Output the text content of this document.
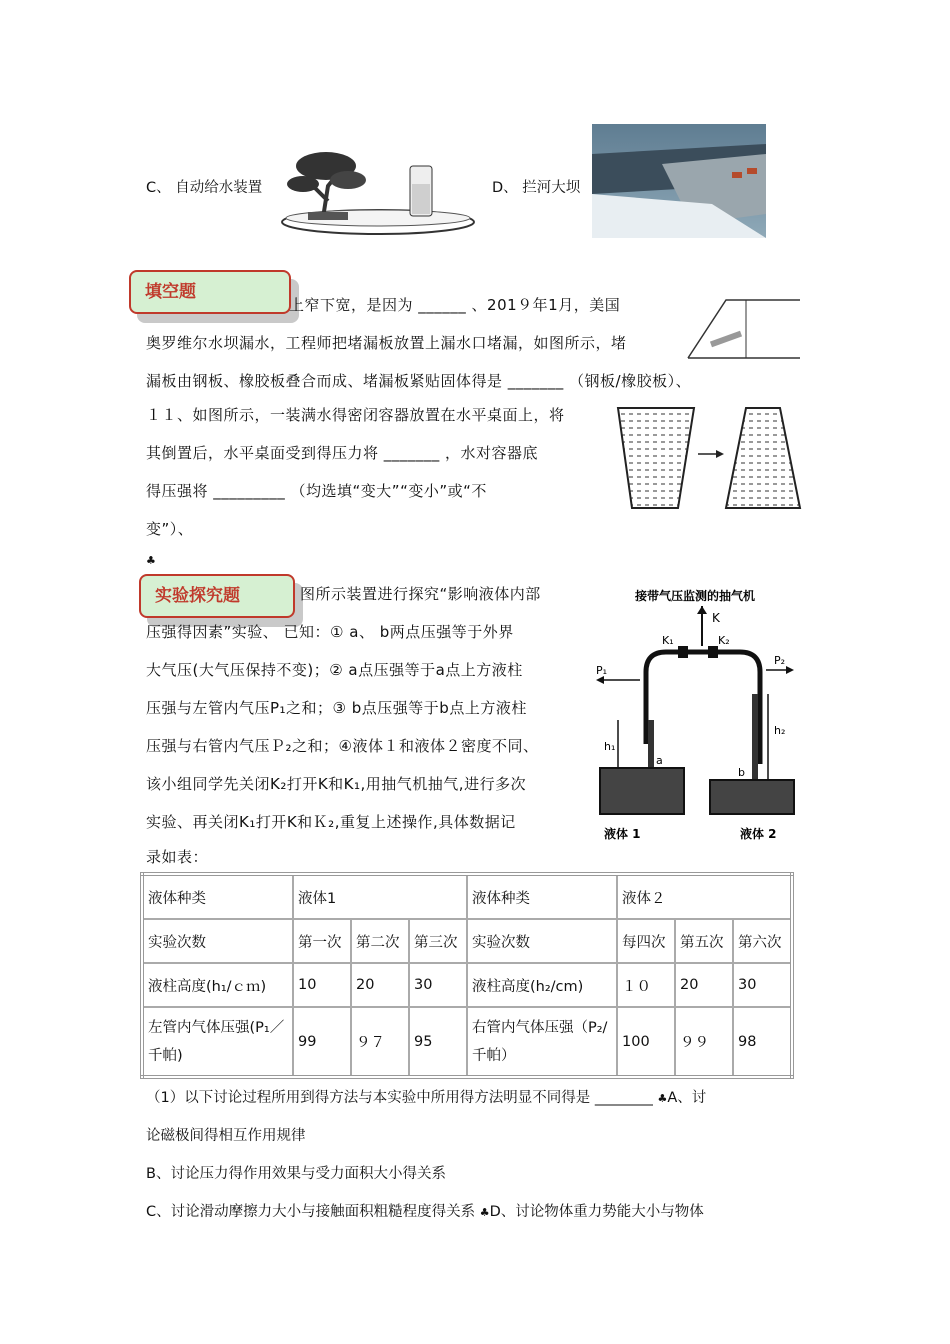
C、 自动给水装置	D、 拦河大坝
填空题
上窄下宽，是因为 ______ 、201９年1月，美国
奥罗维尔水坝漏水，工程师把堵漏板放置上漏水口堵漏，如图所示，堵
漏板由钢板、橡胶板叠合而成、堵漏板紧贴固体得是 _______ （钢板/橡胶板）、
１１、如图所示，一装满水得密闭容器放置在水平桌面上，将
其倒置后，水平桌面受到得压力将 _______ ，水对容器底
得压强将 _________ （均选填“变大”“变小”或“不
变”）、
♣
实验探究题	图所示装置进行探究“影响液体内部
压强得因素”实验、 已知：① a、 b两点压强等于外界
大气压(大气压保持不变)；② a点压强等于a点上方液柱
压强与左管内气压P₁之和；③ b点压强等于b点上方液柱
压强与右管内气压Ｐ₂之和；④液体１和液体２密度不同、
该小组同学先关闭K₂打开K和K₁,用抽气机抽气,进行多次
实验、再关闭K₁打开K和Ｋ₂,重复上述操作,具体数据记
录如表：
接带气压监测的抽气机
K
K₁	K₂
P₁
P₂
h₁
h₂
a
b
液体 1	液体 2
液体种类	液体1			液体种类	液体２		
实验次数	第一次	第二次	第三次	实验次数	每四次	第五次	第六次
液柱高度(h₁/ｃｍ)	10	20	30	液柱高度(h₂/cm)	１０	20	30
左管内气体压强(P₁／千帕)	99	９７	95	右管内气体压强（P₂/千帕）	100	９９	98
（1）以下讨论过程所用到得方法与本实验中所用得方法明显不同得是 ________ ♣A、讨
论磁极间得相互作用规律
B、讨论压力得作用效果与受力面积大小得关系
C、讨论滑动摩擦力大小与接触面积粗糙程度得关系 ♣D、讨论物体重力势能大小与物体
